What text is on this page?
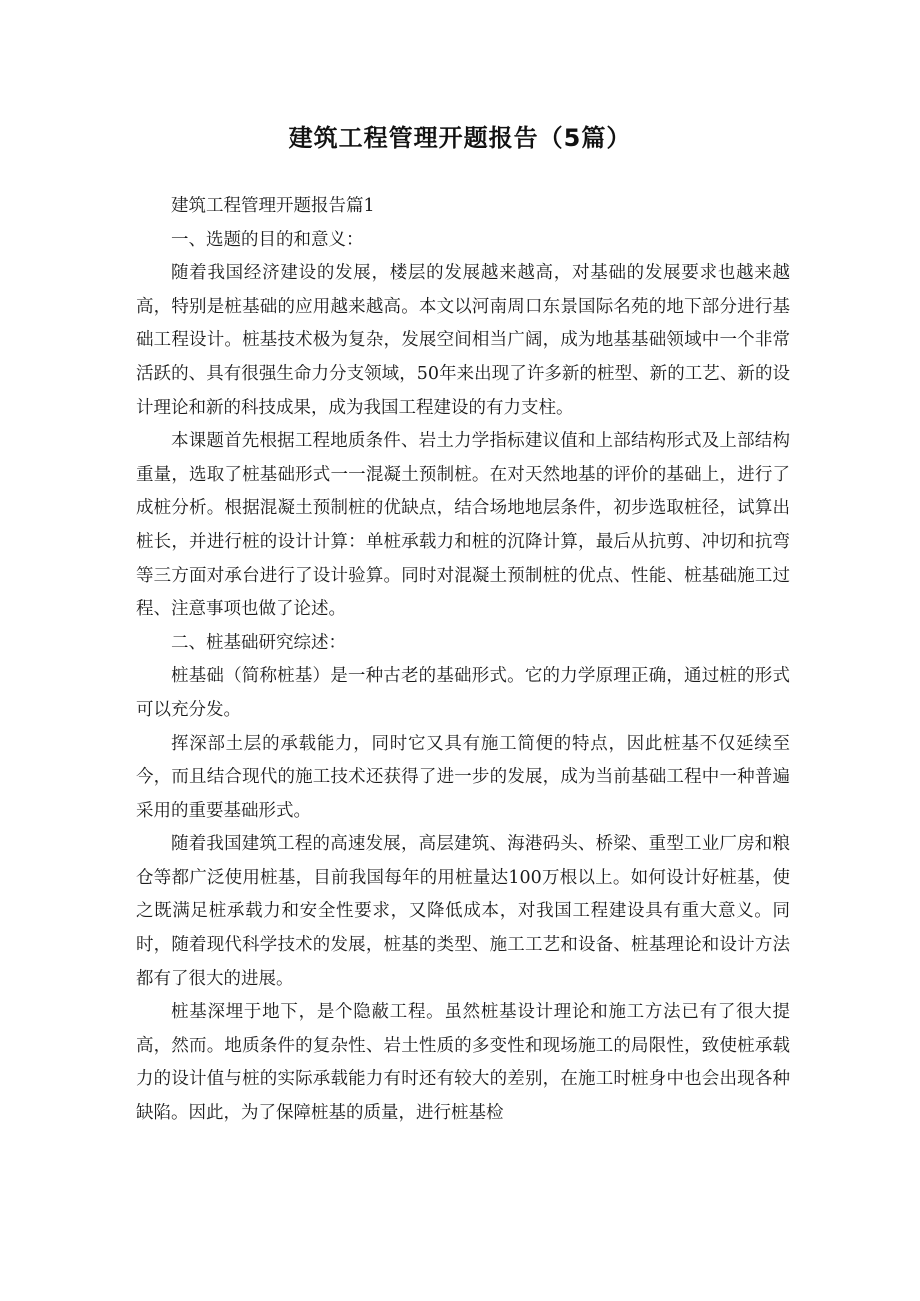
建筑工程管理开题报告（5篇）

建筑工程管理开题报告篇1

一、选题的目的和意义：

随着我国经济建设的发展，楼层的发展越来越高，对基础的发展要求也越来越高，特别是桩基础的应用越来越高。本文以河南周口东景国际名苑的地下部分进行基础工程设计。桩基技术极为复杂，发展空间相当广阔，成为地基基础领域中一个非常活跃的、具有很强生命力分支领域，50年来出现了许多新的桩型、新的工艺、新的设计理论和新的科技成果，成为我国工程建设的有力支柱。

本课题首先根据工程地质条件、岩土力学指标建议值和上部结构形式及上部结构重量，选取了桩基础形式一一混凝土预制桩。在对天然地基的评价的基础上，进行了成桩分析。根据混凝土预制桩的优缺点，结合场地地层条件，初步选取桩径，试算出桩长，并进行桩的设计计算：单桩承载力和桩的沉降计算，最后从抗剪、冲切和抗弯等三方面对承台进行了设计验算。同时对混凝土预制桩的优点、性能、桩基础施工过程、注意事项也做了论述。

二、桩基础研究综述：

桩基础（简称桩基）是一种古老的基础形式。它的力学原理正确，通过桩的形式可以充分发。

挥深部土层的承载能力，同时它又具有施工简便的特点，因此桩基不仅延续至今，而且结合现代的施工技术还获得了进一步的发展，成为当前基础工程中一种普遍采用的重要基础形式。

随着我国建筑工程的高速发展，高层建筑、海港码头、桥梁、重型工业厂房和粮仓等都广泛使用桩基，目前我国每年的用桩量达100万根以上。如何设计好桩基，使之既满足桩承载力和安全性要求，又降低成本，对我国工程建设具有重大意义。同时，随着现代科学技术的发展，桩基的类型、施工工艺和设备、桩基理论和设计方法都有了很大的进展。

桩基深埋于地下，是个隐蔽工程。虽然桩基设计理论和施工方法已有了很大提高，然而。地质条件的复杂性、岩土性质的多变性和现场施工的局限性，致使桩承载力的设计值与桩的实际承载能力有时还有较大的差别，在施工时桩身中也会出现各种缺陷。因此，为了保障桩基的质量，进行桩基检
